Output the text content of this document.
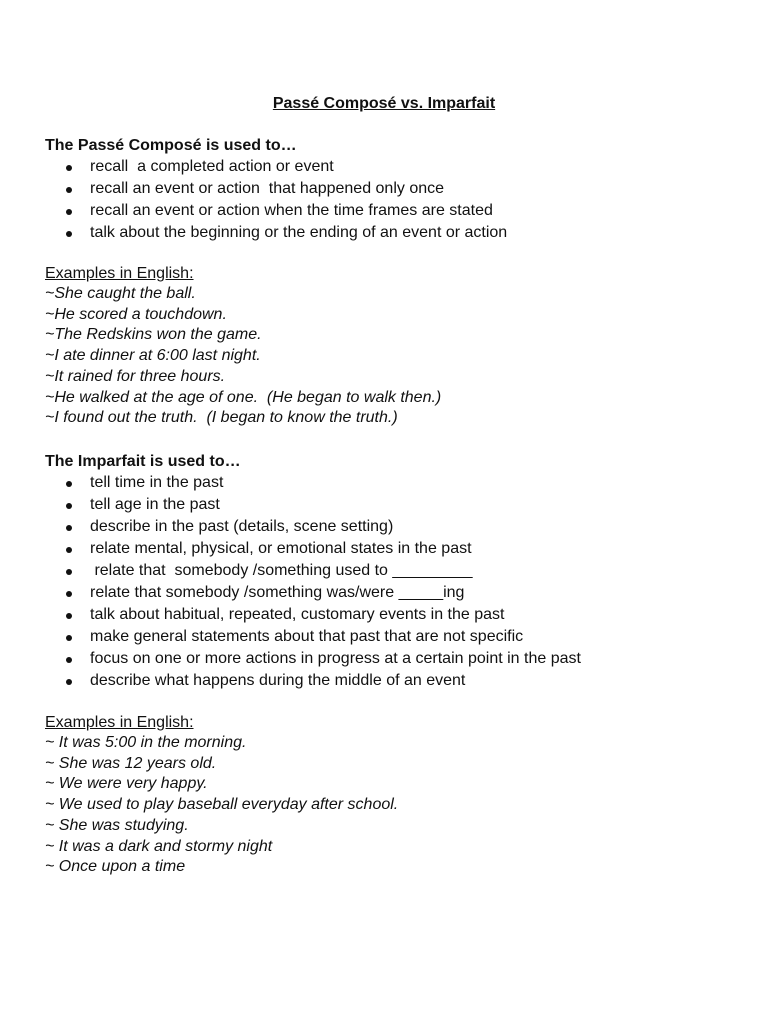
Passé Composé vs. Imparfait
The Passé Composé is used to…
recall  a completed action or event
recall an event or action  that happened only once
recall an event or action when the time frames are stated
talk about the beginning or the ending of an event or action
Examples in English:
~She caught the ball.
~He scored a touchdown.
~The Redskins won the game.
~I ate dinner at 6:00 last night.
~It rained for three hours.
~He walked at the age of one.  (He began to walk then.)
~I found out the truth.  (I began to know the truth.)
The Imparfait is used to…
tell time in the past
tell age in the past
describe in the past (details, scene setting)
relate mental, physical, or emotional states in the past
relate that  somebody /something used to _________
relate that somebody /something was/were _____ing
talk about habitual, repeated, customary events in the past
make general statements about that past that are not specific
focus on one or more actions in progress at a certain point in the past
describe what happens during the middle of an event
Examples in English:
~ It was 5:00 in the morning.
~ She was 12 years old.
~ We were very happy.
~ We used to play baseball everyday after school.
~ She was studying.
~ It was a dark and stormy night
~ Once upon a time
